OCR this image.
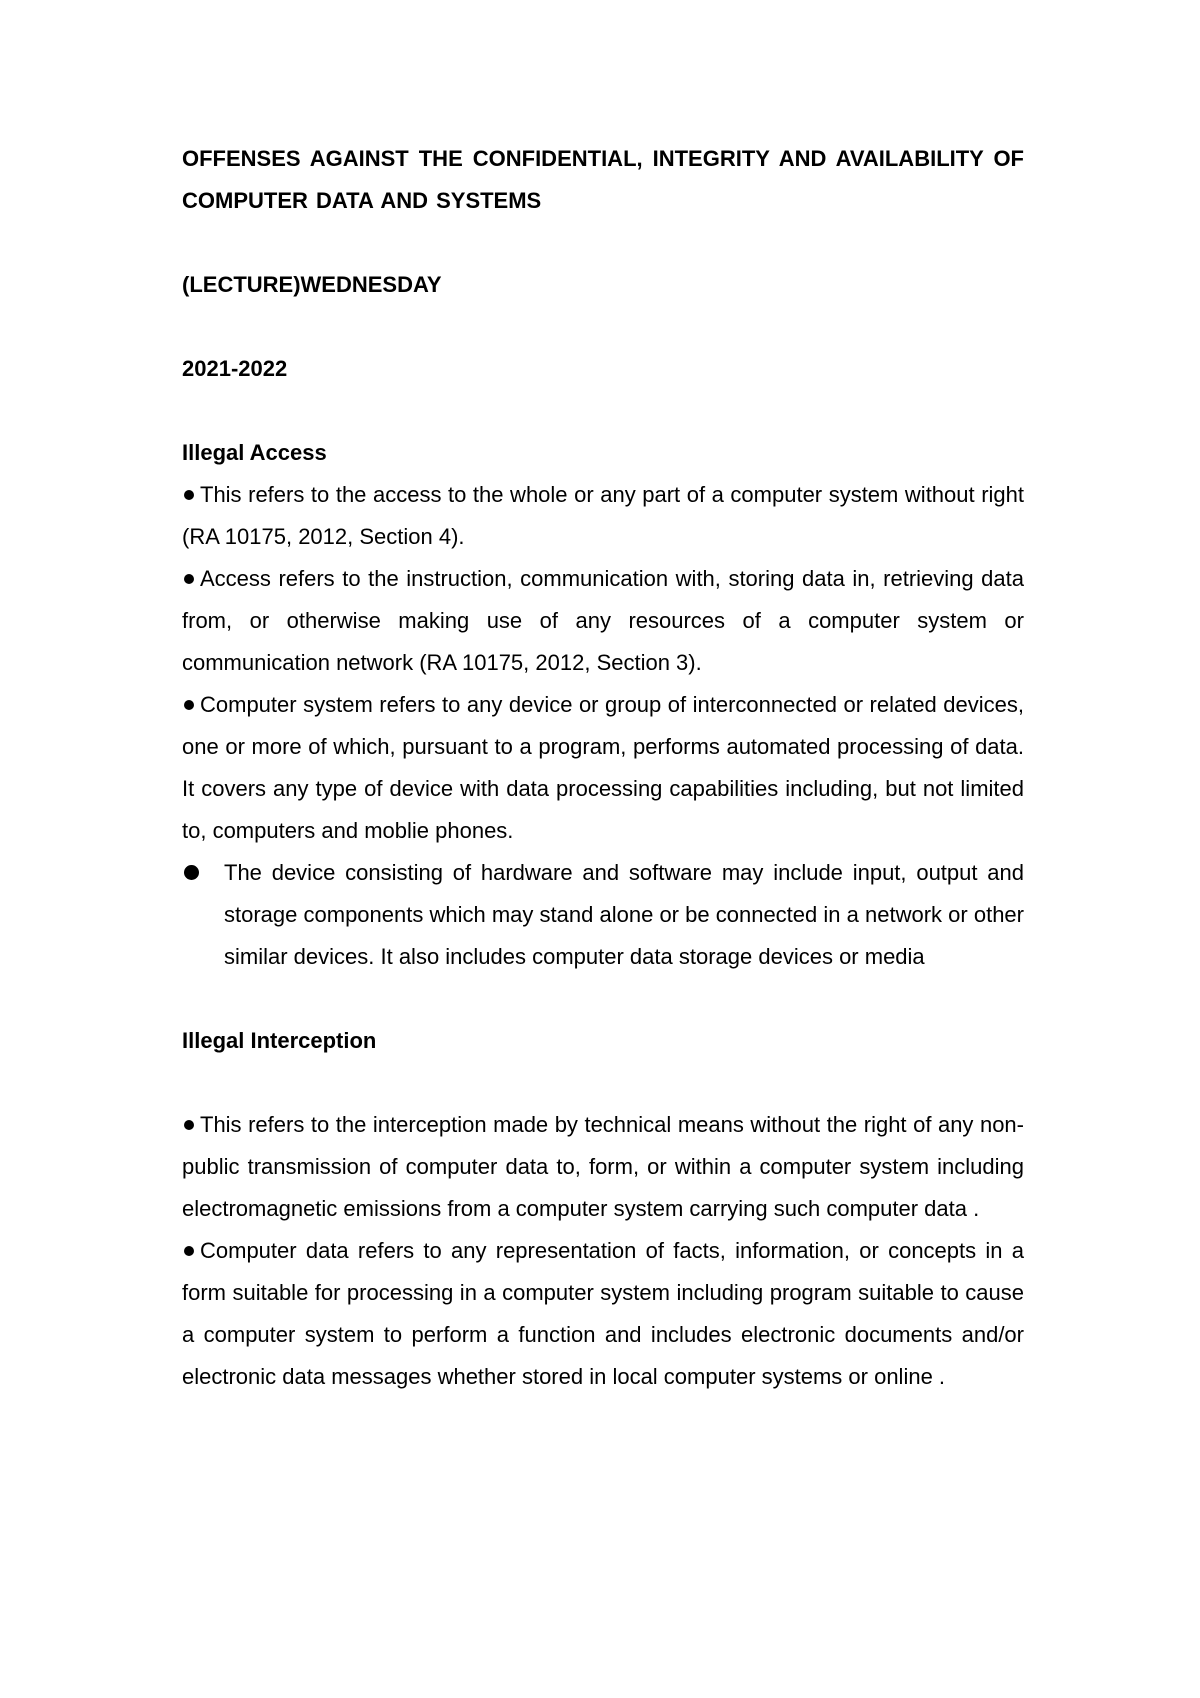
OFFENSES AGAINST THE CONFIDENTIAL, INTEGRITY AND AVAILABILITY OF COMPUTER DATA AND SYSTEMS

(LECTURE)WEDNESDAY

2021-2022

Illegal Access

This refers to the access to the whole or any part of a computer system without right (RA 10175, 2012, Section 4).

Access refers to the instruction, communication with, storing data in, retrieving data from, or otherwise making use of any resources of a computer system or communication network (RA 10175, 2012, Section 3).

Computer system refers to any device or group of interconnected or related devices, one or more of which, pursuant to a program, performs automated processing of data. It covers any type of device with data processing capabilities including, but not limited to, computers and moblie phones.

The device consisting of hardware and software may include input, output and storage components which may stand alone or be connected in a network or other similar devices. It also includes computer data storage devices or media

Illegal Interception

This refers to the interception made by technical means without the right of any non-public transmission of computer data to, form, or within a computer system including electromagnetic emissions from a computer system carrying such computer data .

Computer data refers to any representation of facts, information, or concepts in a form suitable for processing in a computer system including program suitable to cause a computer system to perform a function and includes electronic documents and/or electronic data messages whether stored in local computer systems or online .
